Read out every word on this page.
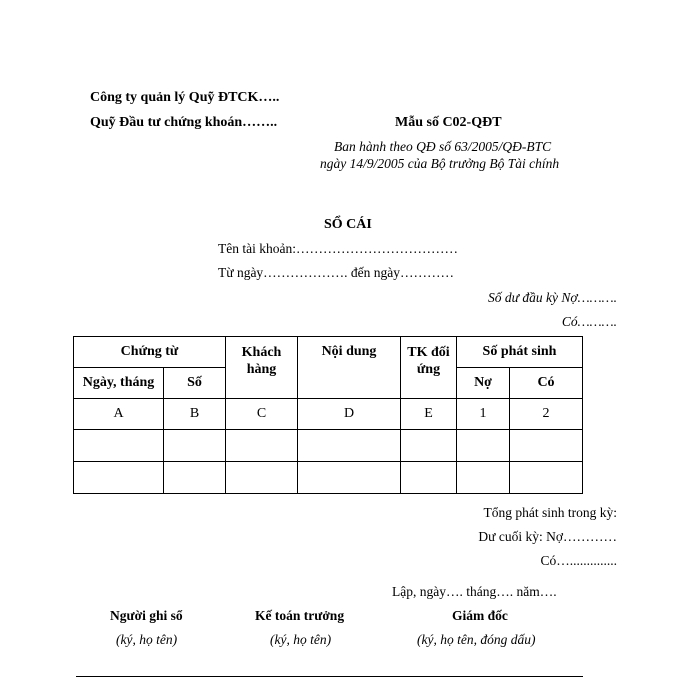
Công ty quản lý Quỹ ĐTCK…..
Quỹ Đầu tư chứng khoán……..	Mẫu số C02-QĐT
Ban hành theo QĐ số 63/2005/QĐ-BTC
ngày 14/9/2005 của Bộ trưởng Bộ Tài chính
SỔ CÁI
Tên tài khoản:………………………………
Từ ngày………………. đến ngày…………
Số dư đầu kỳ Nợ……….
Có……….
Chứng từ		Khách hàng	Nội dung	TK đối ứng	Số phát sinh	
Ngày, tháng	Số				Nợ	Có
A	B	C	D	E	1	2

Tổng phát sinh trong kỳ:
Dư cuối kỳ: Nợ…………
Có…..............
Lập, ngày…. tháng…. năm….
Người ghi sổ
(ký, họ tên)
Kế toán trưởng
(ký, họ tên)
Giám đốc
(ký, họ tên, đóng dấu)
